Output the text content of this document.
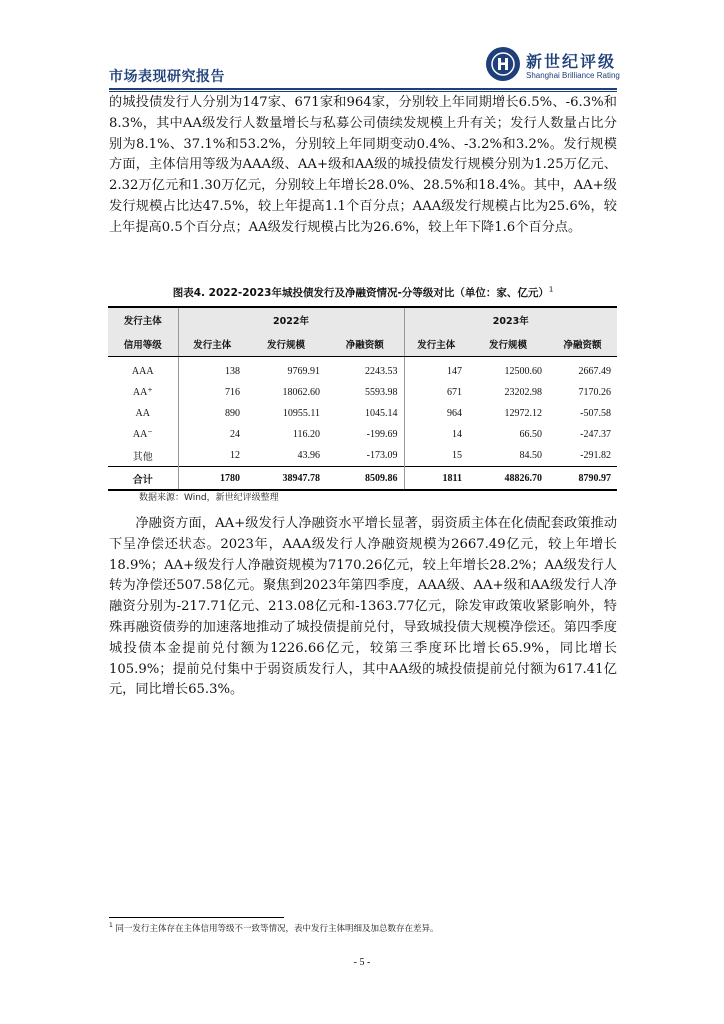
市场表现研究报告
新世纪评级
Shanghai Brilliance Rating

的城投债发行人分别为147家、671家和964家，分别较上年同期增长6.5%、-6.3%和8.3%，其中AA级发行人数量增长与私募公司债续发规模上升有关；发行人数量占比分别为8.1%、37.1%和53.2%，分别较上年同期变动0.4%、-3.2%和3.2%。发行规模方面，主体信用等级为AAA级、AA+级和AA级的城投债发行规模分别为1.25万亿元、2.32万亿元和1.30万亿元，分别较上年增长28.0%、28.5%和18.4%。其中，AA+级发行规模占比达47.5%，较上年提高1.1个百分点；AAA级发行规模占比为25.6%，较上年提高0.5个百分点；AA级发行规模占比为26.6%，较上年下降1.6个百分点。

图表4. 2022-2023年城投债发行及净融资情况-分等级对比（单位：家、亿元）$^1$
发行主体	2022年			2023年		
信用等级	发行主体	发行规模	净融资额	发行主体	发行规模	净融资额
AAA	138	9769.91	2243.53	147	12500.60	2667.49
AA⁺	716	18062.60	5593.98	671	23202.98	7170.26
AA	890	10955.11	1045.14	964	12972.12	-507.58
AA⁻	24	116.20	-199.69	14	66.50	-247.37
其他	12	43.96	-173.09	15	84.50	-291.82
合计	1780	38947.78	8509.86	1811	48826.70	8790.97
数据来源：Wind，新世纪评级整理

净融资方面，AA+级发行人净融资水平增长显著，弱资质主体在化债配套政策推动下呈净偿还状态。2023年，AAA级发行人净融资规模为2667.49亿元，较上年增长18.9%；AA+级发行人净融资规模为7170.26亿元，较上年增长28.2%；AA级发行人转为净偿还507.58亿元。聚焦到2023年第四季度，AAA级、AA+级和AA级发行人净融资分别为-217.71亿元、213.08亿元和-1363.77亿元，除发审政策收紧影响外，特殊再融资债券的加速落地推动了城投债提前兑付，导致城投债大规模净偿还。第四季度城投债本金提前兑付额为1226.66亿元，较第三季度环比增长65.9%，同比增长105.9%；提前兑付集中于弱资质发行人，其中AA级的城投债提前兑付额为617.41亿元，同比增长65.3%。

$^1$ 同一发行主体存在主体信用等级不一致等情况，表中发行主体明细及加总数存在差异。
- 5 -
